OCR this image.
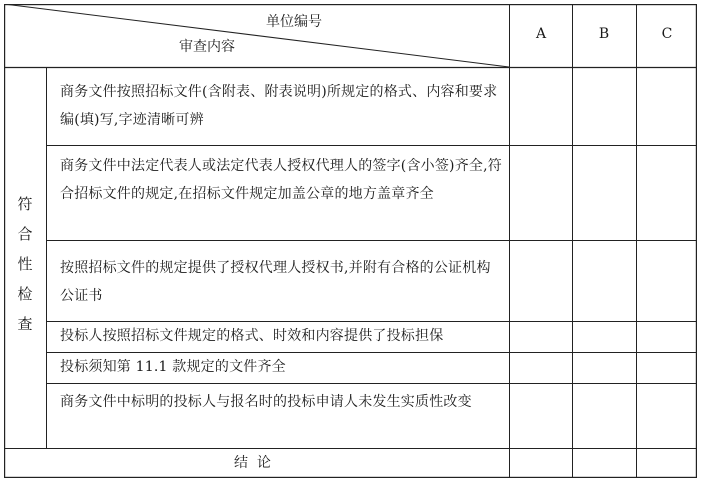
单位编号
审查内容
A	B	C
符合性检查
商务文件按照招标文件(含附表、附表说明)所规定的格式、内容和要求编(填)写,字迹清晰可辨
商务文件中法定代表人或法定代表人授权代理人的签字(含小签)齐全,符合招标文件的规定,在招标文件规定加盖公章的地方盖章齐全
按照招标文件的规定提供了授权代理人授权书,并附有合格的公证机构公证书
投标人按照招标文件规定的格式、时效和内容提供了投标担保
投标须知第 11.1 款规定的文件齐全
商务文件中标明的投标人与报名时的投标申请人未发生实质性改变
结  论
